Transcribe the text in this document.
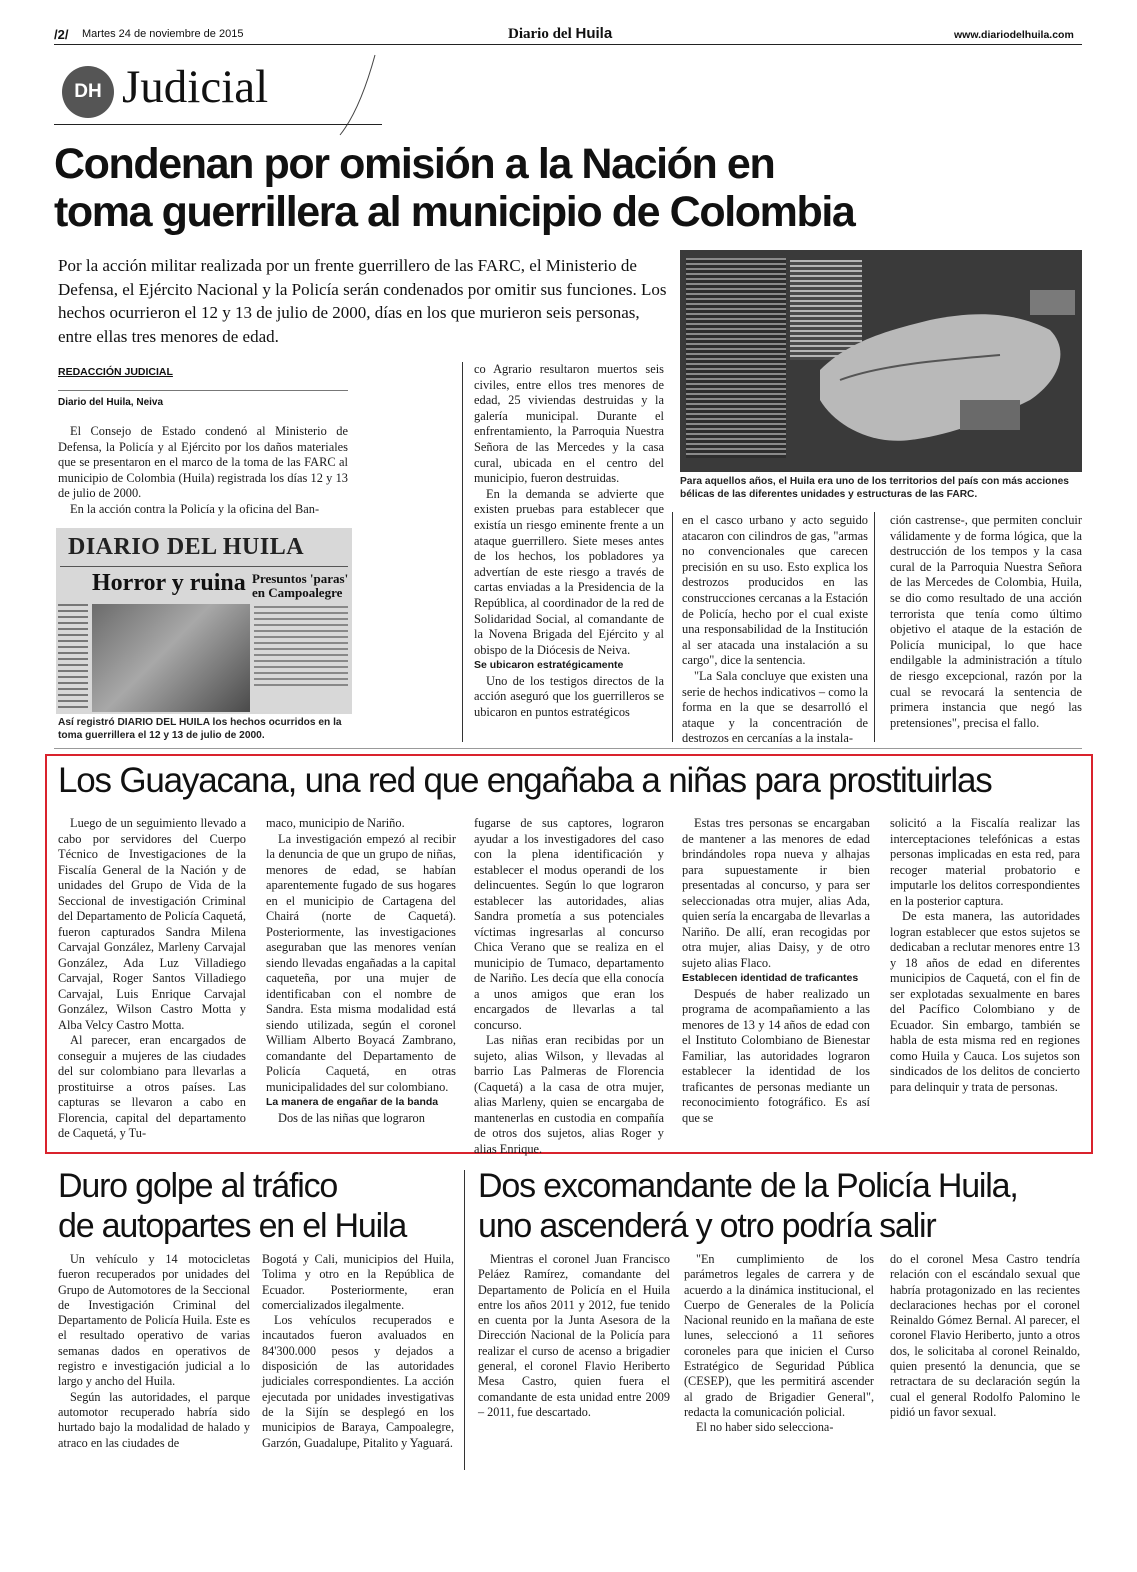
/2/ Martes 24 de noviembre de 2015	Diario del Huila	www.diariodelhuila.com
DH Judicial
Condenan por omisión a la Nación en
toma guerrillera al municipio de Colombia
Por la acción militar realizada por un frente guerrillero de las FARC, el Ministerio de Defensa, el Ejército Nacional y la Policía serán condenados por omitir sus funciones. Los hechos ocurrieron el 12 y 13 de julio de 2000, días en los que murieron seis personas, entre ellas tres menores de edad.
REDACCIÓN JUDICIAL
Diario del Huila, Neiva

El Consejo de Estado condenó al Ministerio de Defensa, la Policía y al Ejército por los daños materiales que se presentaron en el marco de la toma de las FARC al municipio de Colombia (Huila) registrada los días 12 y 13 de julio de 2000.

En la acción contra la Policía y la oficina del Ban-

DIARIO DEL HUILA
Horror y ruina Presuntos 'paras' en Campoalegre
Así registró DIARIO DEL HUILA los hechos ocurridos en la toma guerrillera el 12 y 13 de julio de 2000.

co Agrario resultaron muertos seis civiles, entre ellos tres menores de edad, 25 viviendas destruidas y la galería municipal. Durante el enfrentamiento, la Parroquia Nuestra Señora de las Mercedes y la casa cural, ubicada en el centro del municipio, fueron destruidas.

En la demanda se advierte que existen pruebas para establecer que existía un riesgo eminente frente a un ataque guerrillero. Siete meses antes de los hechos, los pobladores ya advertían de este riesgo a través de cartas enviadas a la Presidencia de la República, al coordinador de la red de Solidaridad Social, al comandante de la Novena Brigada del Ejército y al obispo de la Diócesis de Neiva.

Se ubicaron estratégicamente

Uno de los testigos directos de la acción aseguró que los guerrilleros se ubicaron en puntos estratégicos

Para aquellos años, el Huila era uno de los territorios del país con más acciones bélicas de las diferentes unidades y estructuras de las FARC.

en el casco urbano y acto seguido atacaron con cilindros de gas, "armas no convencionales que carecen precisión en su uso. Esto explica los destrozos producidos en las construcciones cercanas a la Estación de Policía, hecho por el cual existe una responsabilidad de la Institución al ser atacada una instalación a su cargo", dice la sentencia.

"La Sala concluye que existen una serie de hechos indicativos – como la forma en la que se desarrolló el ataque y la concentración de destrozos en cercanías a la instala-

ción castrense-, que permiten concluir válidamente y de forma lógica, que la destrucción de los tempos y la casa cural de la Parroquia Nuestra Señora de las Mercedes de Colombia, Huila, se dio como resultado de una acción terrorista que tenía como último objetivo el ataque de la estación de Policía municipal, lo que hace endilgable la administración a título de riesgo excepcional, razón por la cual se revocará la sentencia de primera instancia que negó las pretensiones", precisa el fallo.

Los Guayacana, una red que engañaba a niñas para prostituirlas

Luego de un seguimiento llevado a cabo por servidores del Cuerpo Técnico de Investigaciones de la Fiscalía General de la Nación y de unidades del Grupo de Vida de la Seccional de investigación Criminal del Departamento de Policía Caquetá, fueron capturados Sandra Milena Carvajal González, Marleny Carvajal González, Ada Luz Villadiego Carvajal, Roger Santos Villadiego Carvajal, Luis Enrique Carvajal González, Wilson Castro Motta y Alba Velcy Castro Motta.

Al parecer, eran encargados de conseguir a mujeres de las ciudades del sur colombiano para llevarlas a prostituirse a otros países. Las capturas se llevaron a cabo en Florencia, capital del departamento de Caquetá, y Tu-

maco, municipio de Nariño.

La investigación empezó al recibir la denuncia de que un grupo de niñas, menores de edad, se habían aparentemente fugado de sus hogares en el municipio de Cartagena del Chairá (norte de Caquetá). Posteriormente, las investigaciones aseguraban que las menores venían siendo llevadas engañadas a la capital caqueteña, por una mujer de identificaban con el nombre de Sandra. Esta misma modalidad está siendo utilizada, según el coronel William Alberto Boyacá Zambrano, comandante del Departamento de Policía Caquetá, en otras municipalidades del sur colombiano.

La manera de engañar de la banda

Dos de las niñas que lograron

fugarse de sus captores, lograron ayudar a los investigadores del caso con la plena identificación y establecer el modus operandi de los delincuentes. Según lo que lograron establecer las autoridades, alias Sandra prometía a sus potenciales víctimas ingresarlas al concurso Chica Verano que se realiza en el municipio de Tumaco, departamento de Nariño. Les decía que ella conocía a unos amigos que eran los encargados de llevarlas a tal concurso.

Las niñas eran recibidas por un sujeto, alias Wilson, y llevadas al barrio Las Palmeras de Florencia (Caquetá) a la casa de otra mujer, alias Marleny, quien se encargaba de mantenerlas en custodia en compañía de otros dos sujetos, alias Roger y alias Enrique.

Estas tres personas se encargaban de mantener a las menores de edad brindándoles ropa nueva y alhajas para supuestamente ir bien presentadas al concurso, y para ser seleccionadas otra mujer, alias Ada, quien sería la encargaba de llevarlas a Nariño. De allí, eran recogidas por otra mujer, alias Daisy, y de otro sujeto alias Flaco.

Establecen identidad de traficantes

Después de haber realizado un programa de acompañamiento a las menores de 13 y 14 años de edad con el Instituto Colombiano de Bienestar Familiar, las autoridades lograron establecer la identidad de los traficantes de personas mediante un reconocimiento fotográfico. Es así que se

solicitó a la Fiscalía realizar las interceptaciones telefónicas a estas personas implicadas en esta red, para recoger material probatorio e imputarle los delitos correspondientes en la posterior captura.

De esta manera, las autoridades logran establecer que estos sujetos se dedicaban a reclutar menores entre 13 y 18 años de edad en diferentes municipios de Caquetá, con el fin de ser explotadas sexualmente en bares del Pacífico Colombiano y de Ecuador. Sin embargo, también se habla de esta misma red en regiones como Huila y Cauca. Los sujetos son sindicados de los delitos de concierto para delinquir y trata de personas.

Duro golpe al tráfico
de autopartes en el Huila

Un vehículo y 14 motocicletas fueron recuperados por unidades del Grupo de Automotores de la Seccional de Investigación Criminal del Departamento de Policía Huila. Este es el resultado operativo de varias semanas dados en operativos de registro e investigación judicial a lo largo y ancho del Huila.

Según las autoridades, el parque automotor recuperado habría sido hurtado bajo la modalidad de halado y atraco en las ciudades de

Bogotá y Cali, municipios del Huila, Tolima y otro en la República de Ecuador. Posteriormente, eran comercializados ilegalmente.

Los vehículos recuperados e incautados fueron avaluados en 84'300.000 pesos y dejados a disposición de las autoridades judiciales correspondientes. La acción ejecutada por unidades investigativas de la Sijín se desplegó en los municipios de Baraya, Campoalegre, Garzón, Guadalupe, Pitalito y Yaguará.

Dos excomandante de la Policía Huila,
uno ascenderá y otro podría salir

Mientras el coronel Juan Francisco Peláez Ramírez, comandante del Departamento de Policía en el Huila entre los años 2011 y 2012, fue tenido en cuenta por la Junta Asesora de la Dirección Nacional de la Policía para realizar el curso de acenso a brigadier general, el coronel Flavio Heriberto Mesa Castro, quien fuera el comandante de esta unidad entre 2009 – 2011, fue descartado.

"En cumplimiento de los parámetros legales de carrera y de acuerdo a la dinámica institucional, el Cuerpo de Generales de la Policía Nacional reunido en la mañana de este lunes, seleccionó a 11 señores coroneles para que inicien el Curso Estratégico de Seguridad Pública (CESEP), que les permitirá ascender al grado de Brigadier General", redacta la comunicación policial.

El no haber sido selecciona-

do el coronel Mesa Castro tendría relación con el escándalo sexual que habría protagonizado en las recientes declaraciones hechas por el coronel Reinaldo Gómez Bernal. Al parecer, el coronel Flavio Heriberto, junto a otros dos, le solicitaba al coronel Reinaldo, quien presentó la denuncia, que se retractara de su declaración según la cual el general Rodolfo Palomino le pidió un favor sexual.
